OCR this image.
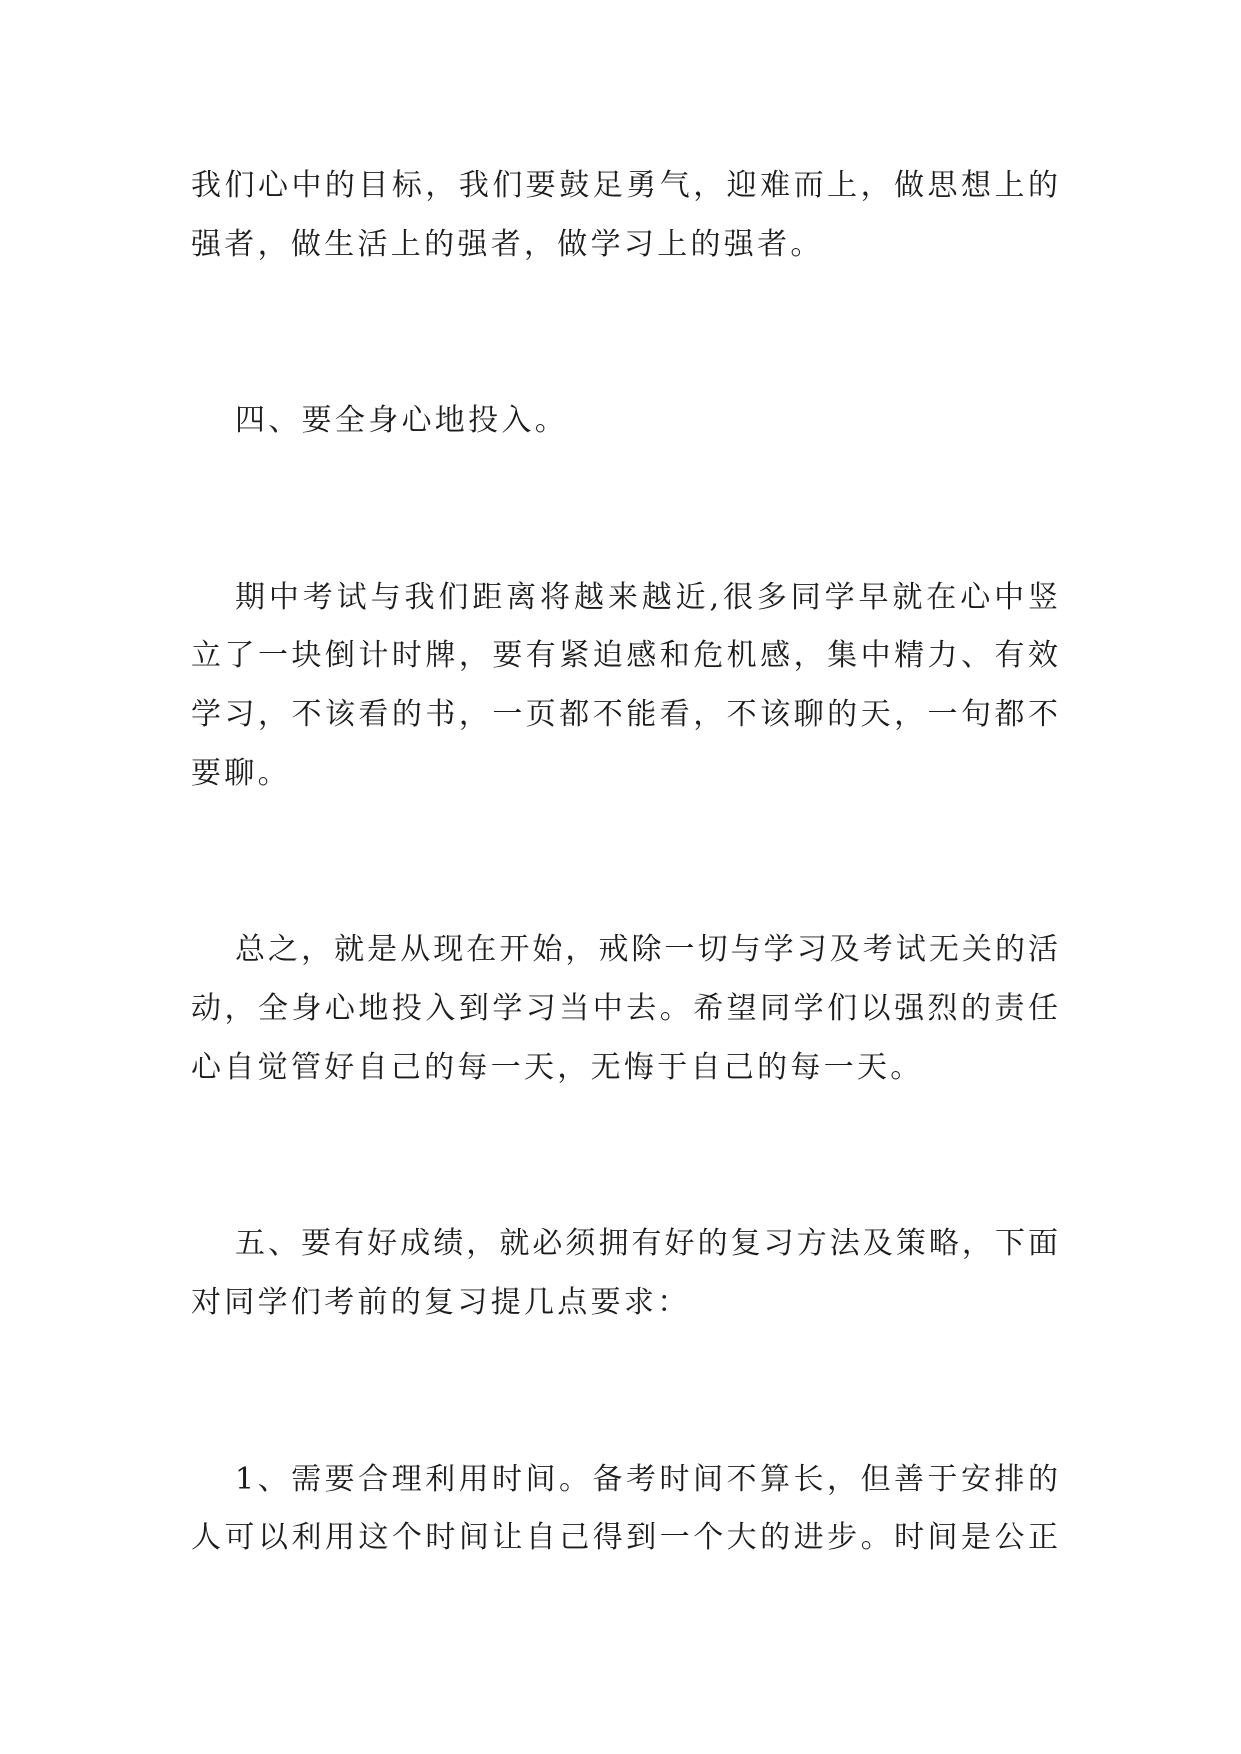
我们心中的目标，我们要鼓足勇气，迎难而上，做思想上的
强者，做生活上的强者，做学习上的强者。
四、要全身心地投入。
期中考试与我们距离将越来越近,很多同学早就在心中竖
立了一块倒计时牌，要有紧迫感和危机感，集中精力、有效
学习，不该看的书，一页都不能看，不该聊的天，一句都不
要聊。
总之，就是从现在开始，戒除一切与学习及考试无关的活
动，全身心地投入到学习当中去。希望同学们以强烈的责任
心自觉管好自己的每一天，无悔于自己的每一天。
五、要有好成绩，就必须拥有好的复习方法及策略，下面
对同学们考前的复习提几点要求：
1、需要合理利用时间。备考时间不算长，但善于安排的
人可以利用这个时间让自己得到一个大的进步。时间是公正
